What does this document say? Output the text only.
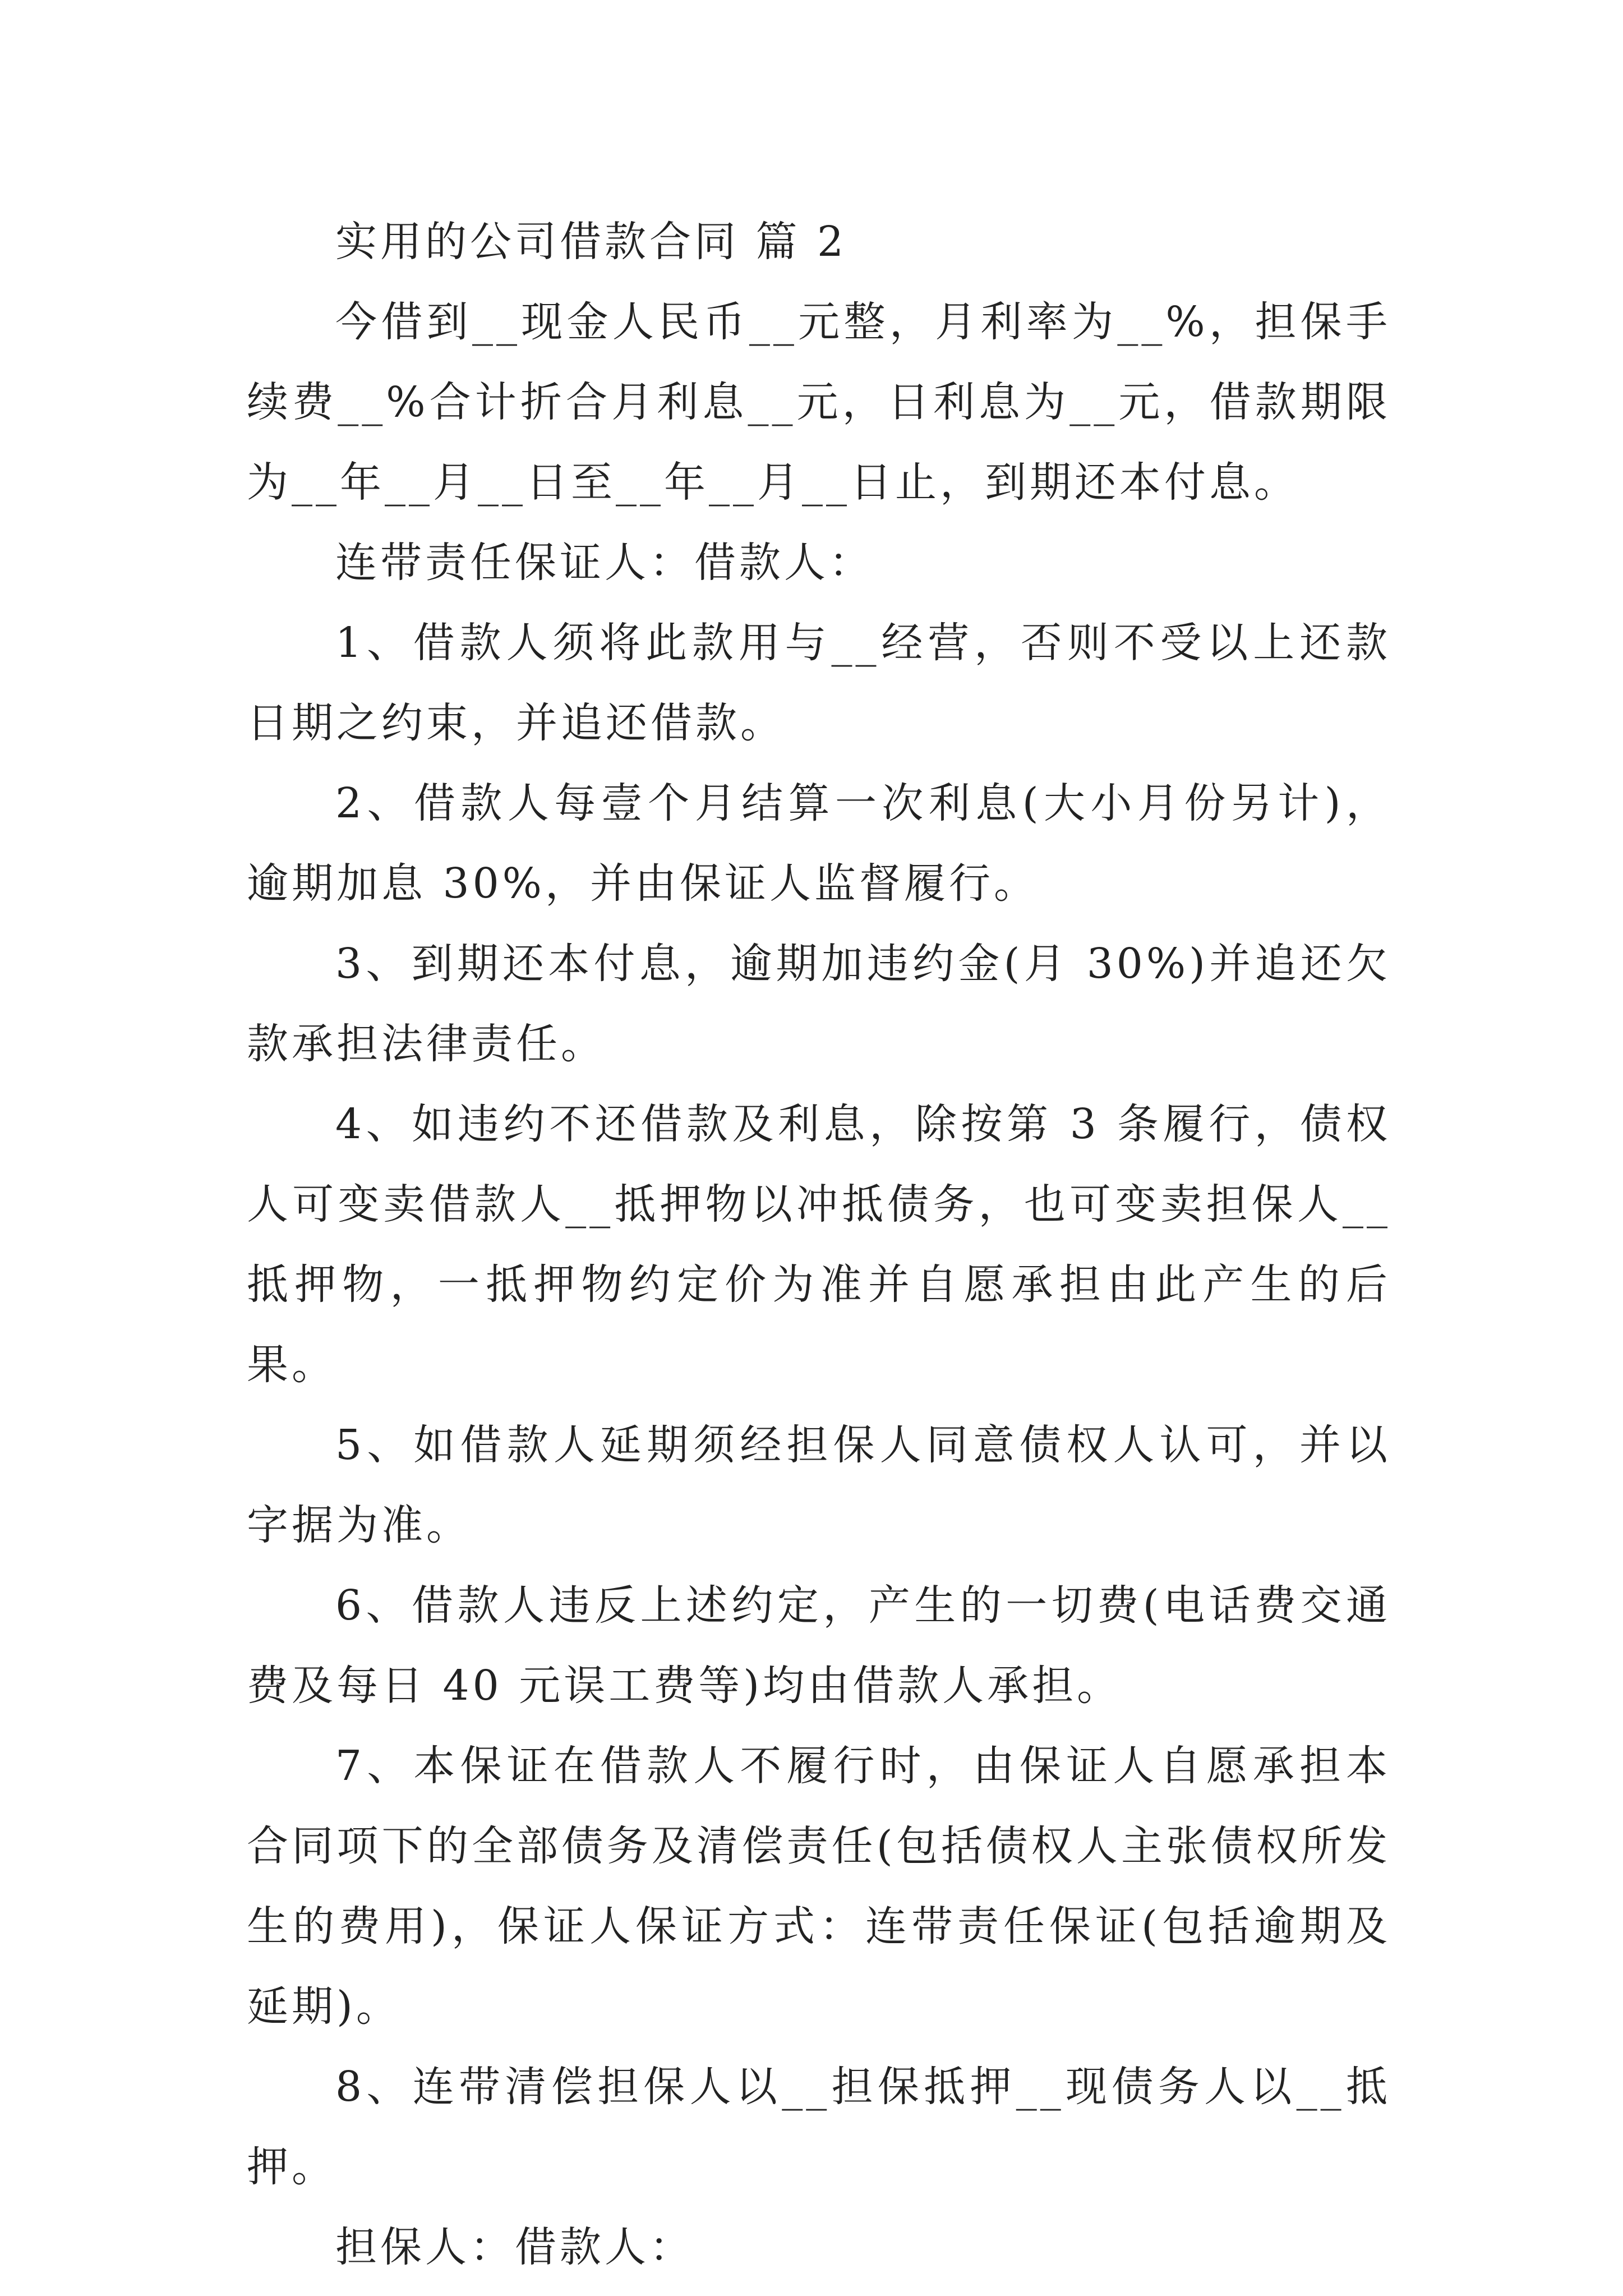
实用的公司借款合同 篇 2

今借到__现金人民币__元整，月利率为__%，担保手续费__%合计折合月利息__元，日利息为__元，借款期限为__年__月__日至__年__月__日止，到期还本付息。

连带责任保证人：借款人：

1、借款人须将此款用与__经营，否则不受以上还款日期之约束，并追还借款。

2、借款人每壹个月结算一次利息(大小月份另计)，逾期加息 30%，并由保证人监督履行。

3、到期还本付息，逾期加违约金(月 30%)并追还欠款承担法律责任。

4、如违约不还借款及利息，除按第 3 条履行，债权人可变卖借款人__抵押物以冲抵债务，也可变卖担保人__抵押物，一抵押物约定价为准并自愿承担由此产生的后果。

5、如借款人延期须经担保人同意债权人认可，并以字据为准。

6、借款人违反上述约定，产生的一切费(电话费交通费及每日 40 元误工费等)均由借款人承担。

7、本保证在借款人不履行时，由保证人自愿承担本合同项下的全部债务及清偿责任(包括债权人主张债权所发生的费用)，保证人保证方式：连带责任保证(包括逾期及延期)。

8、连带清偿担保人以__担保抵押__现债务人以__抵押。

担保人：借款人：
